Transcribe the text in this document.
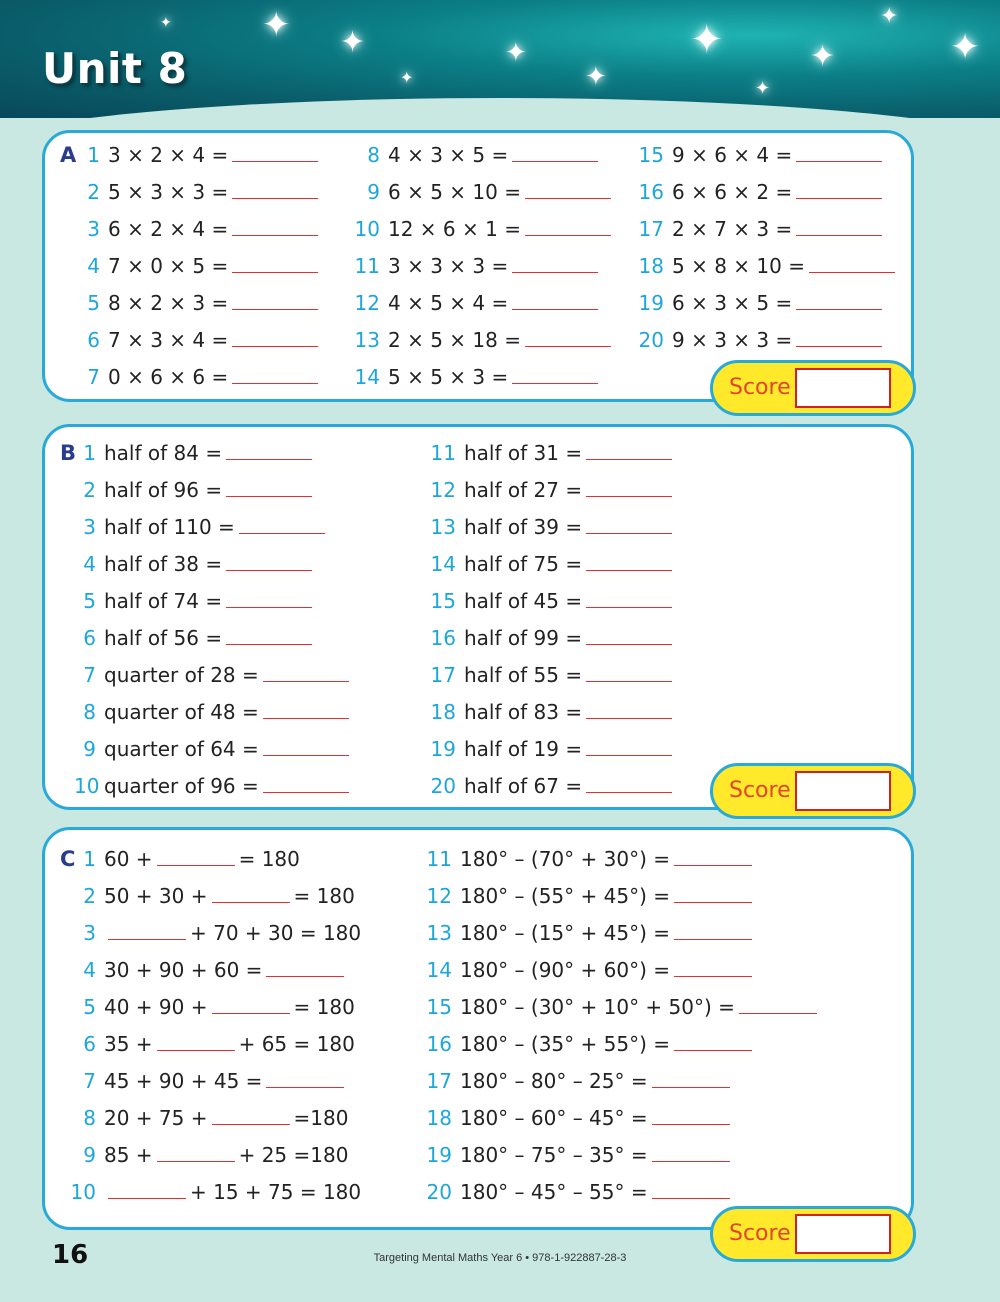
✦ ✦	✦
✦
✦	✦
✦
✦
✦
✦
✦
Unit 8
Score
Score
Score
16	Targeting Mental Maths Year 6 • 978-1-922887-28-3
A 1 3 × 2 × 4 =
2 5 × 3 × 3 =
3 6 × 2 × 4 =
4 7 × 0 × 5 =
5 8 × 2 × 3 =
6 7 × 3 × 4 =
7 0 × 6 × 6 =
8 4 × 3 × 5 =
9 6 × 5 × 10 =
10 12 × 6 × 1 =
11 3 × 3 × 3 =
12 4 × 5 × 4 =
13 2 × 5 × 18 =
14 5 × 5 × 3 =
15 9 × 6 × 4 =
16 6 × 6 × 2 =
17 2 × 7 × 3 =
18 5 × 8 × 10 =
19 6 × 3 × 5 =
20 9 × 3 × 3 =
B 1 half of 84 =
2 half of 96 =
3 half of 110 =
4 half of 38 =
5 half of 74 =
6 half of 56 =
7 quarter of 28 =
8 quarter of 48 =
9 quarter of 64 =
10 quarter of 96 =
11 half of 31 =
12 half of 27 =
13 half of 39 =
14 half of 75 =
15 half of 45 =
16 half of 99 =
17 half of 55 =
18 half of 83 =
19 half of 19 =
20 half of 67 =
C 1 60 +	= 180
2 50 + 30 +	= 180
3	+ 70 + 30 = 180
4 30 + 90 + 60 =
5 40 + 90 +	= 180
6 35 +	+ 65 = 180
7 45 + 90 + 45 =
8 20 + 75 +	=180
9 85 +	+ 25 =180
10	+ 15 + 75 = 180
11 180° – (70° + 30°) =
12 180° – (55° + 45°) =
13 180° – (15° + 45°) =
14 180° – (90° + 60°) =
15 180° – (30° + 10° + 50°) =
16 180° – (35° + 55°) =
17 180° – 80° – 25° =
18 180° – 60° – 45° =
19 180° – 75° – 35° =
20 180° – 45° – 55° =
